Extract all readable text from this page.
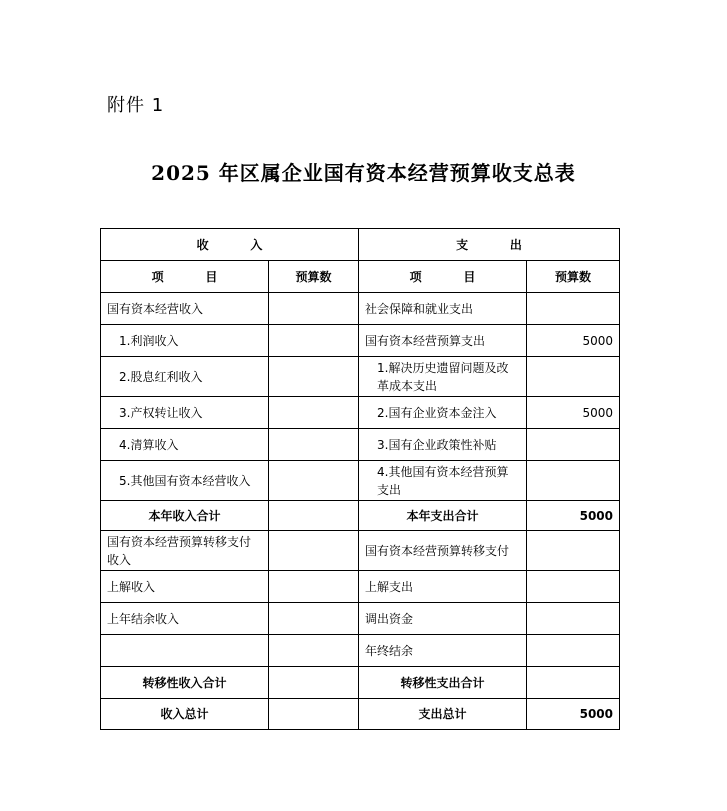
附件 1
2025 年区属企业国有资本经营预算收支总表
收          入		支          出	
项          目	预算数	项          目	预算数
国有资本经营收入		社会保障和就业支出	
1.利润收入		国有资本经营预算支出	5000
2.股息红利收入		1.解决历史遗留问题及改革成本支出	
3.产权转让收入		2.国有企业资本金注入	5000
4.清算收入		3.国有企业政策性补贴	
5.其他国有资本经营收入		4.其他国有资本经营预算支出	
本年收入合计		本年支出合计	5000
国有资本经营预算转移支付收入		国有资本经营预算转移支付	
上解收入		上解支出	
上年结余收入		调出资金	
		年终结余	
转移性收入合计		转移性支出合计	
收入总计		支出总计	5000
